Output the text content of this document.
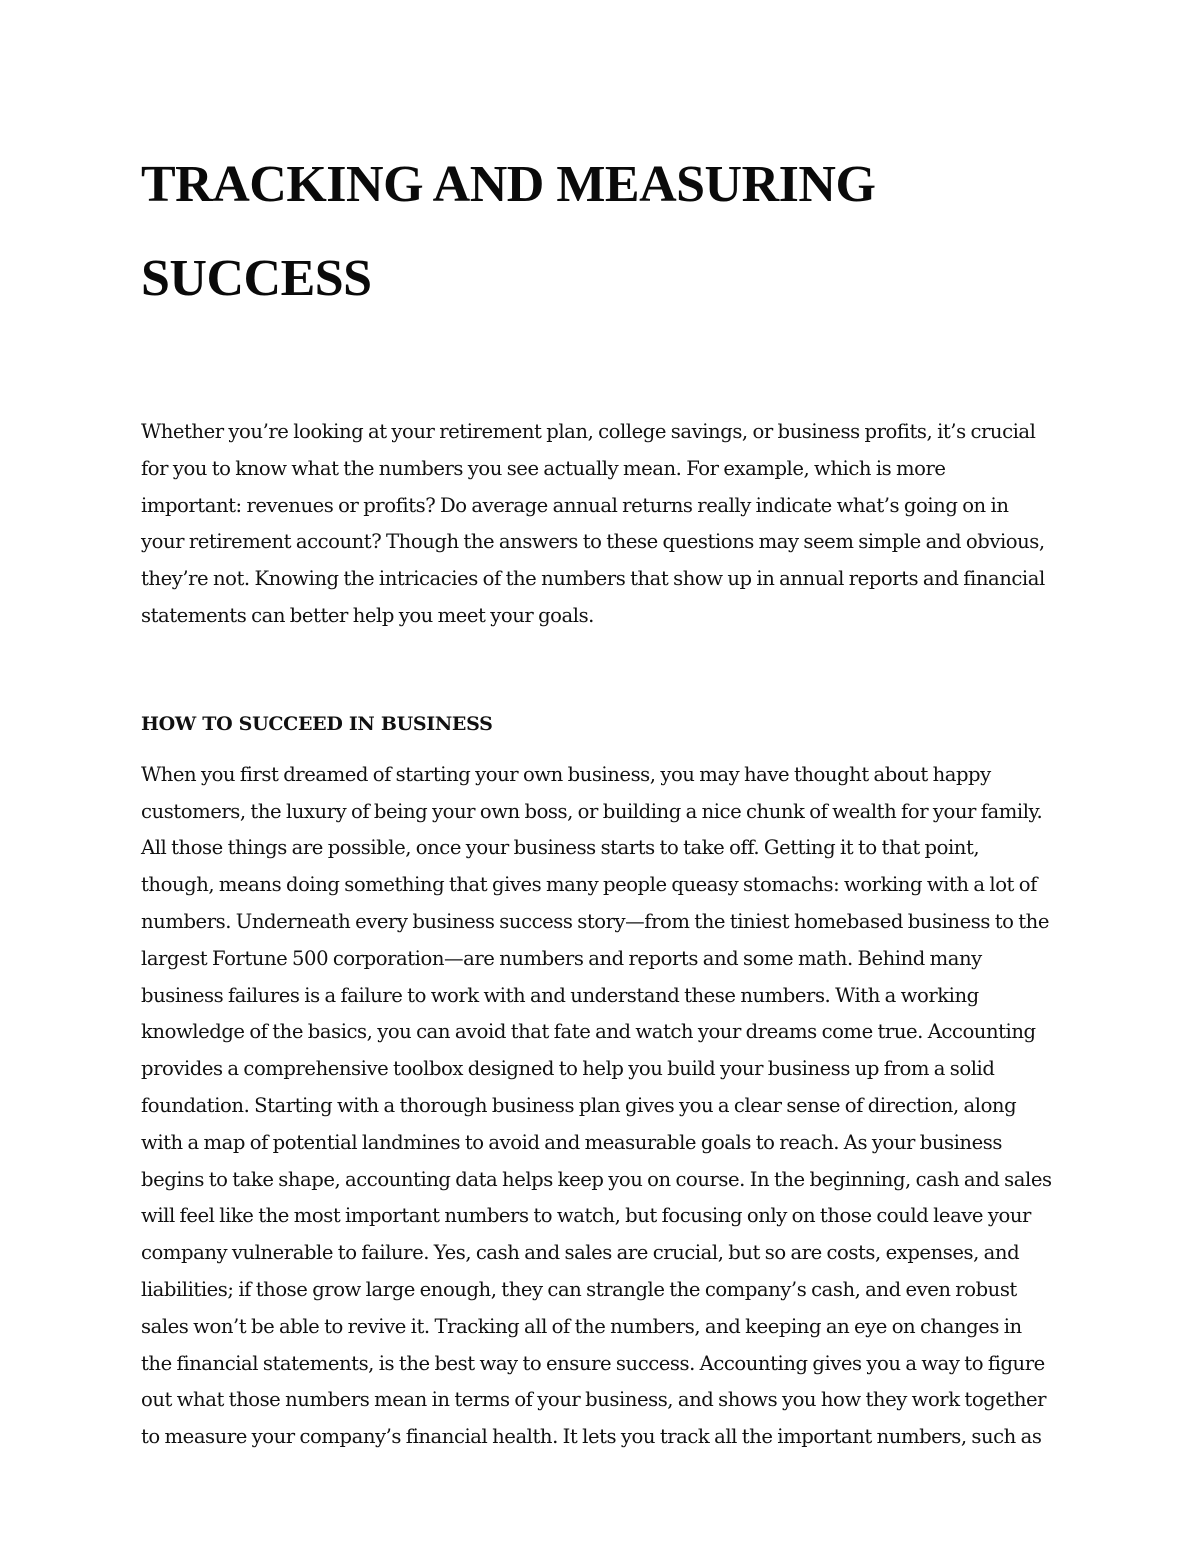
TRACKING AND MEASURING
SUCCESS

Whether you’re looking at your retirement plan, college savings, or business profits, it’s crucial
for you to know what the numbers you see actually mean. For example, which is more
important: revenues or profits? Do average annual returns really indicate what’s going on in
your retirement account? Though the answers to these questions may seem simple and obvious,
they’re not. Knowing the intricacies of the numbers that show up in annual reports and financial
statements can better help you meet your goals.

HOW TO SUCCEED IN BUSINESS

When you first dreamed of starting your own business, you may have thought about happy
customers, the luxury of being your own boss, or building a nice chunk of wealth for your family.
All those things are possible, once your business starts to take off. Getting it to that point,
though, means doing something that gives many people queasy stomachs: working with a lot of
numbers. Underneath every business success story—from the tiniest homebased business to the
largest Fortune 500 corporation—are numbers and reports and some math. Behind many
business failures is a failure to work with and understand these numbers. With a working
knowledge of the basics, you can avoid that fate and watch your dreams come true. Accounting
provides a comprehensive toolbox designed to help you build your business up from a solid
foundation. Starting with a thorough business plan gives you a clear sense of direction, along
with a map of potential landmines to avoid and measurable goals to reach. As your business
begins to take shape, accounting data helps keep you on course. In the beginning, cash and sales
will feel like the most important numbers to watch, but focusing only on those could leave your
company vulnerable to failure. Yes, cash and sales are crucial, but so are costs, expenses, and
liabilities; if those grow large enough, they can strangle the company’s cash, and even robust
sales won’t be able to revive it. Tracking all of the numbers, and keeping an eye on changes in
the financial statements, is the best way to ensure success. Accounting gives you a way to figure
out what those numbers mean in terms of your business, and shows you how they work together
to measure your company’s financial health. It lets you track all the important numbers, such as
